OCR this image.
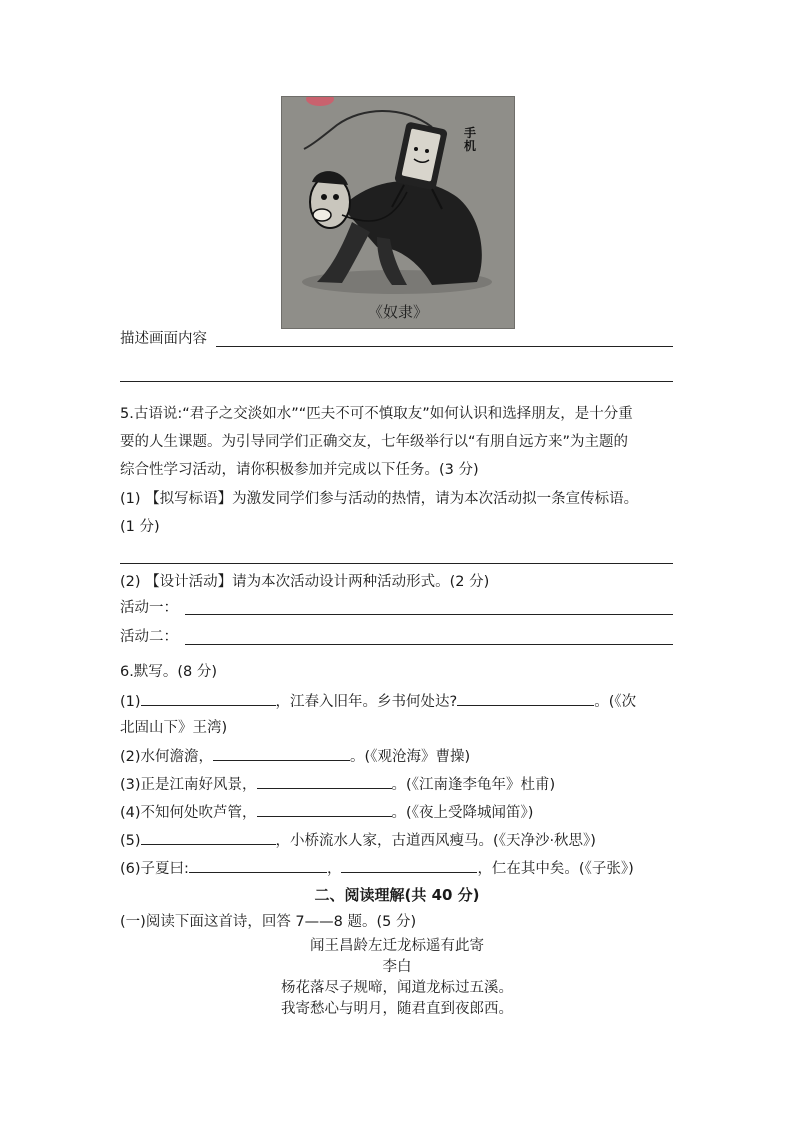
手机
《奴隶》
描述画面内容
5.古语说:“君子之交淡如水”“匹夫不可不慎取友”如何认识和选择朋友，是十分重
要的人生课题。为引导同学们正确交友，七年级举行以“有朋自远方来”为主题的
综合性学习活动，请你积极参加并完成以下任务。(3 分)
(1) 【拟写标语】为激发同学们参与活动的热情，请为本次活动拟一条宣传标语。
(1 分)
(2) 【设计活动】请为本次活动设计两种活动形式。(2 分)
活动一：
活动二：
6.默写。(8 分)
(1)	，江春入旧年。乡书何处达?	。(《次
北固山下》王湾)
(2)水何澹澹，	。(《观沧海》曹操)
(3)正是江南好风景，	。(《江南逢李龟年》杜甫)
(4)不知何处吹芦管，	。(《夜上受降城闻笛》)
(5)	，小桥流水人家，古道西风瘦马。(《天净沙·秋思》)
(6)子夏曰:	，	，仁在其中矣。(《子张》)
二、阅读理解(共 40 分)
(一)阅读下面这首诗，回答 7——8 题。(5 分)
闻王昌龄左迁龙标遥有此寄
李白
杨花落尽子规啼，闻道龙标过五溪。
我寄愁心与明月，随君直到夜郎西。
